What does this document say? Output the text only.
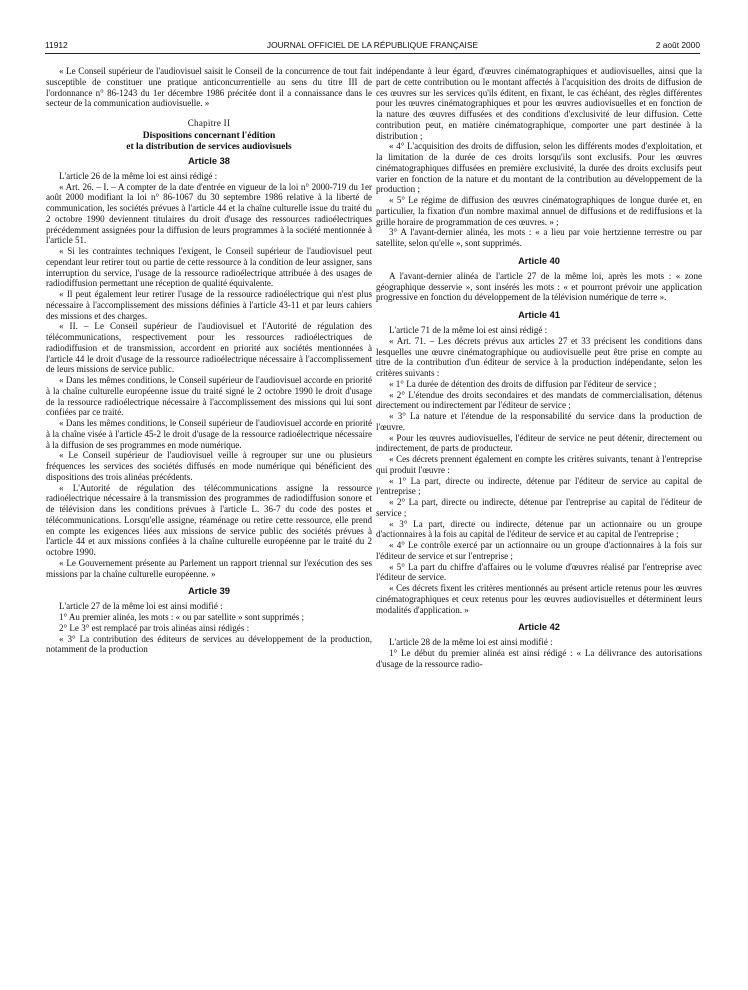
11912	JOURNAL OFFICIEL DE LA RÉPUBLIQUE FRANÇAISE	2 août 2000

« Le Conseil supérieur de l'audiovisuel saisit le Conseil de la concurrence de tout fait susceptible de constituer une pratique anticoncurrentielle au sens du titre III de l'ordonnance n° 86-1243 du 1er décembre 1986 précitée dont il a connaissance dans le secteur de la communication audiovisuelle. »

Chapitre II
Dispositions concernant l'édition
et la distribution de services audiovisuels
Article 38

L'article 26 de la même loi est ainsi rédigé :

« Art. 26. – I. – A compter de la date d'entrée en vigueur de la loi n° 2000-719 du 1er août 2000 modifiant la loi n° 86-1067 du 30 septembre 1986 relative à la liberté de communication, les sociétés prévues à l'article 44 et la chaîne culturelle issue du traité du 2 octobre 1990 deviennent titulaires du droit d'usage des ressources radioélectriques précédemment assignées pour la diffusion de leurs programmes à la société mentionnée à l'article 51.

« Si les contraintes techniques l'exigent, le Conseil supérieur de l'audiovisuel peut cependant leur retirer tout ou partie de cette ressource à la condition de leur assigner, sans interruption du service, l'usage de la ressource radioélectrique attribuée à des usages de radiodiffusion permettant une réception de qualité équivalente.

« Il peut également leur retirer l'usage de la ressource radioélectrique qui n'est plus nécessaire à l'accomplissement des missions définies à l'article 43-11 et par leurs cahiers des missions et des charges.

« II. – Le Conseil supérieur de l'audiovisuel et l'Autorité de régulation des télécommunications, respectivement pour les ressources radioélectriques de radiodiffusion et de transmission, accordent en priorité aux sociétés mentionnées à l'article 44 le droit d'usage de la ressource radioélectrique nécessaire à l'accomplissement de leurs missions de service public.

« Dans les mêmes conditions, le Conseil supérieur de l'audiovisuel accorde en priorité à la chaîne culturelle européenne issue du traité signé le 2 octobre 1990 le droit d'usage de la ressource radioélectrique nécessaire à l'accomplissement des missions qui lui sont confiées par ce traité.

« Dans les mêmes conditions, le Conseil supérieur de l'audiovisuel accorde en priorité à la chaîne visée à l'article 45-2 le droit d'usage de la ressource radioélectrique nécessaire à la diffusion de ses programmes en mode numérique.

« Le Conseil supérieur de l'audiovisuel veille à regrouper sur une ou plusieurs fréquences les services des sociétés diffusés en mode numérique qui bénéficient des dispositions des trois alinéas précédents.

« L'Autorité de régulation des télécommunications assigne la ressource radioélectrique nécessaire à la transmission des programmes de radiodiffusion sonore et de télévision dans les conditions prévues à l'article L. 36-7 du code des postes et télécommunications. Lorsqu'elle assigne, réaménage ou retire cette ressource, elle prend en compte les exigences liées aux missions de service public des sociétés prévues à l'article 44 et aux missions confiées à la chaîne culturelle européenne par le traité du 2 octobre 1990.

« Le Gouvernement présente au Parlement un rapport triennal sur l'exécution des ses missions par la chaîne culturelle européenne. »

Article 39

L'article 27 de la même loi est ainsi modifié :

1° Au premier alinéa, les mots : « ou par satellite » sont supprimés ;

2° Le 3° est remplacé par trois alinéas ainsi rédigés :

« 3° La contribution des éditeurs de services au développement de la production, notamment de la production

indépendante à leur égard, d'œuvres cinématographiques et audiovisuelles, ainsi que la part de cette contribution ou le montant affectés à l'acquisition des droits de diffusion de ces œuvres sur les services qu'ils éditent, en fixant, le cas échéant, des règles différentes pour les œuvres cinématographiques et pour les œuvres audiovisuelles et en fonction de la nature des œuvres diffusées et des conditions d'exclusivité de leur diffusion. Cette contribution peut, en matière cinématographique, comporter une part destinée à la distribution ;

« 4° L'acquisition des droits de diffusion, selon les différents modes d'exploitation, et la limitation de la durée de ces droits lorsqu'ils sont exclusifs. Pour les œuvres cinématographiques diffusées en première exclusivité, la durée des droits exclusifs peut varier en fonction de la nature et du montant de la contribution au développement de la production ;

« 5° Le régime de diffusion des œuvres cinématographiques de longue durée et, en particulier, la fixation d'un nombre maximal annuel de diffusions et de rediffusions et la grille horaire de programmation de ces œuvres. » ;

3° A l'avant-dernier alinéa, les mots : « a lieu par voie hertzienne terrestre ou par satellite, selon qu'elle », sont supprimés.

Article 40

A l'avant-dernier alinéa de l'article 27 de la même loi, après les mots : « zone géographique desservie », sont insérés les mots : « et pourront prévoir une application progressive en fonction du développement de la télévision numérique de terre ».

Article 41

L'article 71 de la même loi est ainsi rédigé :

« Art. 71. – Les décrets prévus aux articles 27 et 33 précisent les conditions dans lesquelles une œuvre cinématographique ou audiovisuelle peut être prise en compte au titre de la contribution d'un éditeur de service à la production indépendante, selon les critères suivants :

« 1° La durée de détention des droits de diffusion par l'éditeur de service ;

« 2° L'étendue des droits secondaires et des mandats de commercialisation, détenus directement ou indirectement par l'éditeur de service ;

« 3° La nature et l'étendue de la responsabilité du service dans la production de l'œuvre.

« Pour les œuvres audiovisuelles, l'éditeur de service ne peut détenir, directement ou indirectement, de parts de producteur.

« Ces décrets prennent également en compte les critères suivants, tenant à l'entreprise qui produit l'œuvre :

« 1° La part, directe ou indirecte, détenue par l'éditeur de service au capital de l'entreprise ;

« 2° La part, directe ou indirecte, détenue par l'entreprise au capital de l'éditeur de service ;

« 3° La part, directe ou indirecte, détenue par un actionnaire ou un groupe d'actionnaires à la fois au capital de l'éditeur de service et au capital de l'entreprise ;

« 4° Le contrôle exercé par un actionnaire ou un groupe d'actionnaires à la fois sur l'éditeur de service et sur l'entreprise ;

« 5° La part du chiffre d'affaires ou le volume d'œuvres réalisé par l'entreprise avec l'éditeur de service.

« Ces décrets fixent les critères mentionnés au présent article retenus pour les œuvres cinématographiques et ceux retenus pour les œuvres audiovisuelles et déterminent leurs modalités d'application. »

Article 42

L'article 28 de la même loi est ainsi modifié :

1° Le début du premier alinéa est ainsi rédigé : « La délivrance des autorisations d'usage de la ressource radio-
